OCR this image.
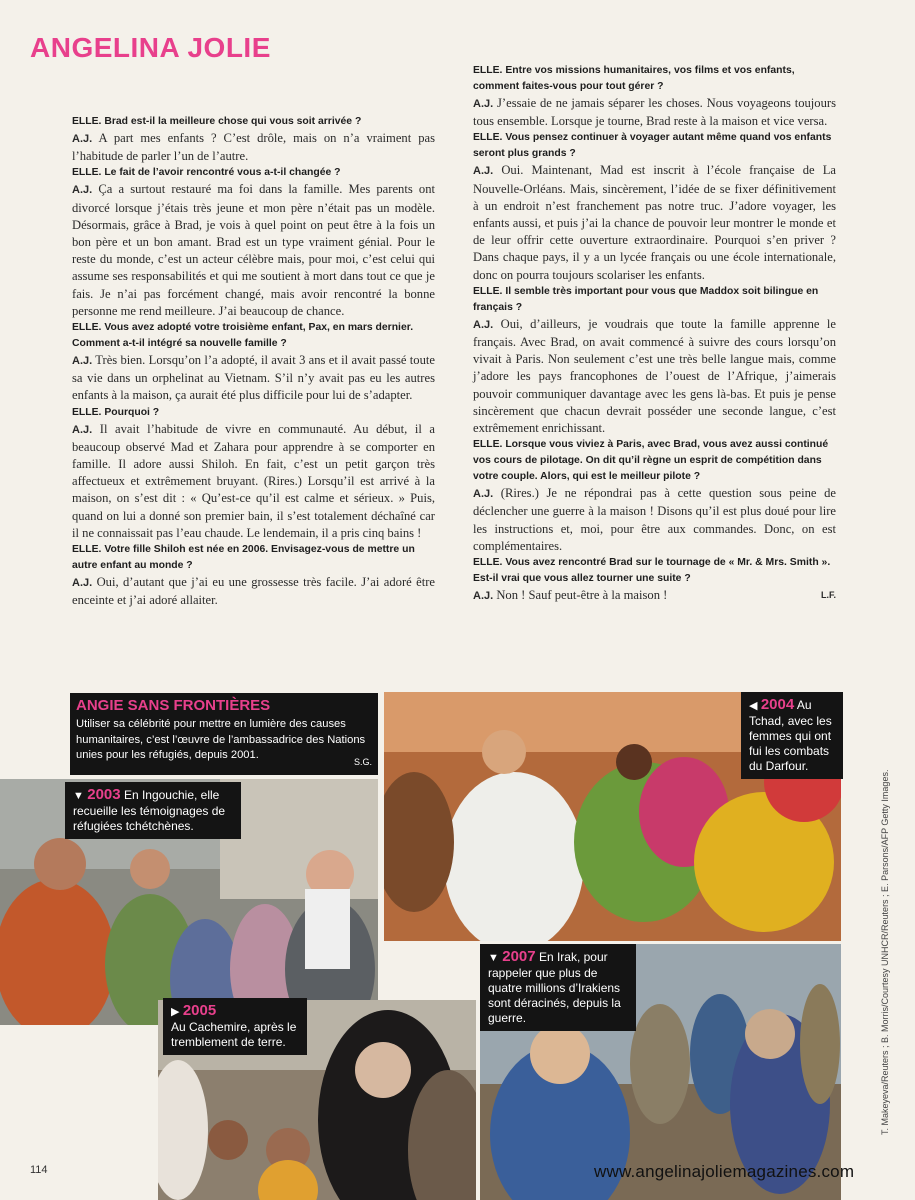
ANGELINA JOLIE

ELLE. Brad est-il la meilleure chose qui vous soit arrivée ?

A.J. A part mes enfants ? C’est drôle, mais on n’a vraiment pas l’habitude de parler l’un de l’autre.

ELLE. Le fait de l’avoir rencontré vous a-t-il changée ?

A.J. Ça a surtout restauré ma foi dans la famille. Mes parents ont divorcé lorsque j’étais très jeune et mon père n’était pas un modèle. Désormais, grâce à Brad, je vois à quel point on peut être à la fois un bon père et un bon amant. Brad est un type vraiment génial. Pour le reste du monde, c’est un acteur célèbre mais, pour moi, c’est celui qui assume ses responsabilités et qui me soutient à mort dans tout ce que je fais. Je n’ai pas forcément changé, mais avoir rencontré la bonne personne me rend meilleure. J’ai beaucoup de chance.

ELLE. Vous avez adopté votre troisième enfant, Pax, en mars dernier. Comment a-t-il intégré sa nouvelle famille ?

A.J. Très bien. Lorsqu’on l’a adopté, il avait 3 ans et il avait passé toute sa vie dans un orphelinat au Vietnam. S’il n’y avait pas eu les autres enfants à la maison, ça aurait été plus difficile pour lui de s’adapter.

ELLE. Pourquoi ?

A.J. Il avait l’habitude de vivre en communauté. Au début, il a beaucoup observé Mad et Zahara pour apprendre à se comporter en famille. Il adore aussi Shiloh. En fait, c’est un petit garçon très affectueux et extrêmement bruyant. (Rires.) Lorsqu’il est arrivé à la maison, on s’est dit : « Qu’est-ce qu’il est calme et sérieux. » Puis, quand on lui a donné son premier bain, il s’est totalement déchaîné car il ne connaissait pas l’eau chaude. Le lendemain, il a pris cinq bains !

ELLE. Votre fille Shiloh est née en 2006. Envisagez-vous de mettre un autre enfant au monde ?

A.J. Oui, d’autant que j’ai eu une grossesse très facile. J’ai adoré être enceinte et j’ai adoré allaiter.

ELLE. Entre vos missions humanitaires, vos films et vos enfants, comment faites-vous pour tout gérer ?

A.J. J’essaie de ne jamais séparer les choses. Nous voyageons toujours tous ensemble. Lorsque je tourne, Brad reste à la maison et vice versa.

ELLE. Vous pensez continuer à voyager autant même quand vos enfants seront plus grands ?

A.J. Oui. Maintenant, Mad est inscrit à l’école française de La Nouvelle-Orléans. Mais, sincèrement, l’idée de se fixer définitivement à un endroit n’est franchement pas notre truc. J’adore voyager, les enfants aussi, et puis j’ai la chance de pouvoir leur montrer le monde et de leur offrir cette ouverture extraordinaire. Pourquoi s’en priver ? Dans chaque pays, il y a un lycée français ou une école internationale, donc on pourra toujours scolariser les enfants.

ELLE. Il semble très important pour vous que Maddox soit bilingue en français ?

A.J. Oui, d’ailleurs, je voudrais que toute la famille apprenne le français. Avec Brad, on avait commencé à suivre des cours lorsqu’on vivait à Paris. Non seulement c’est une très belle langue mais, comme j’adore les pays francophones de l’ouest de l’Afrique, j’aimerais pouvoir communiquer davantage avec les gens là-bas. Et puis je pense sincèrement que chacun devrait posséder une seconde langue, c’est extrêmement enrichissant.

ELLE. Lorsque vous viviez à Paris, avec Brad, vous avez aussi continué vos cours de pilotage. On dit qu’il règne un esprit de compétition dans votre couple. Alors, qui est le meilleur pilote ?

A.J. (Rires.) Je ne répondrai pas à cette question sous peine de déclencher une guerre à la maison ! Disons qu’il est plus doué pour lire les instructions et, moi, pour être aux commandes. Donc, on est complémentaires.

ELLE. Vous avez rencontré Brad sur le tournage de « Mr. & Mrs. Smith ». Est-il vrai que vous allez tourner une suite ?

A.J. Non ! Sauf peut-être à la maison !	L.F.

ANGIE SANS FRONTIÈRES
Utiliser sa célébrité pour mettre en lumière des causes humanitaires, c’est l’œuvre de l’ambassadrice des Nations unies pour les réfugiés, depuis 2001.
S.G.
▼ 2003 En Ingouchie, elle recueille les témoignages de réfugiées tchétchènes.
◀ 2004 Au Tchad, avec les femmes qui ont fui les combats du Darfour.
▶ 2005
Au Cachemire, après le tremblement de terre.
▼ 2007 En Irak, pour rappeler que plus de quatre millions d’Irakiens sont déracinés, depuis la guerre.	T. Makeyeva/Reuters ; B. Morris/Courtesy UNHCR/Reuters ; E. Parsons/AFP Getty Images.
114	www.angelinajoliemagazines.com
